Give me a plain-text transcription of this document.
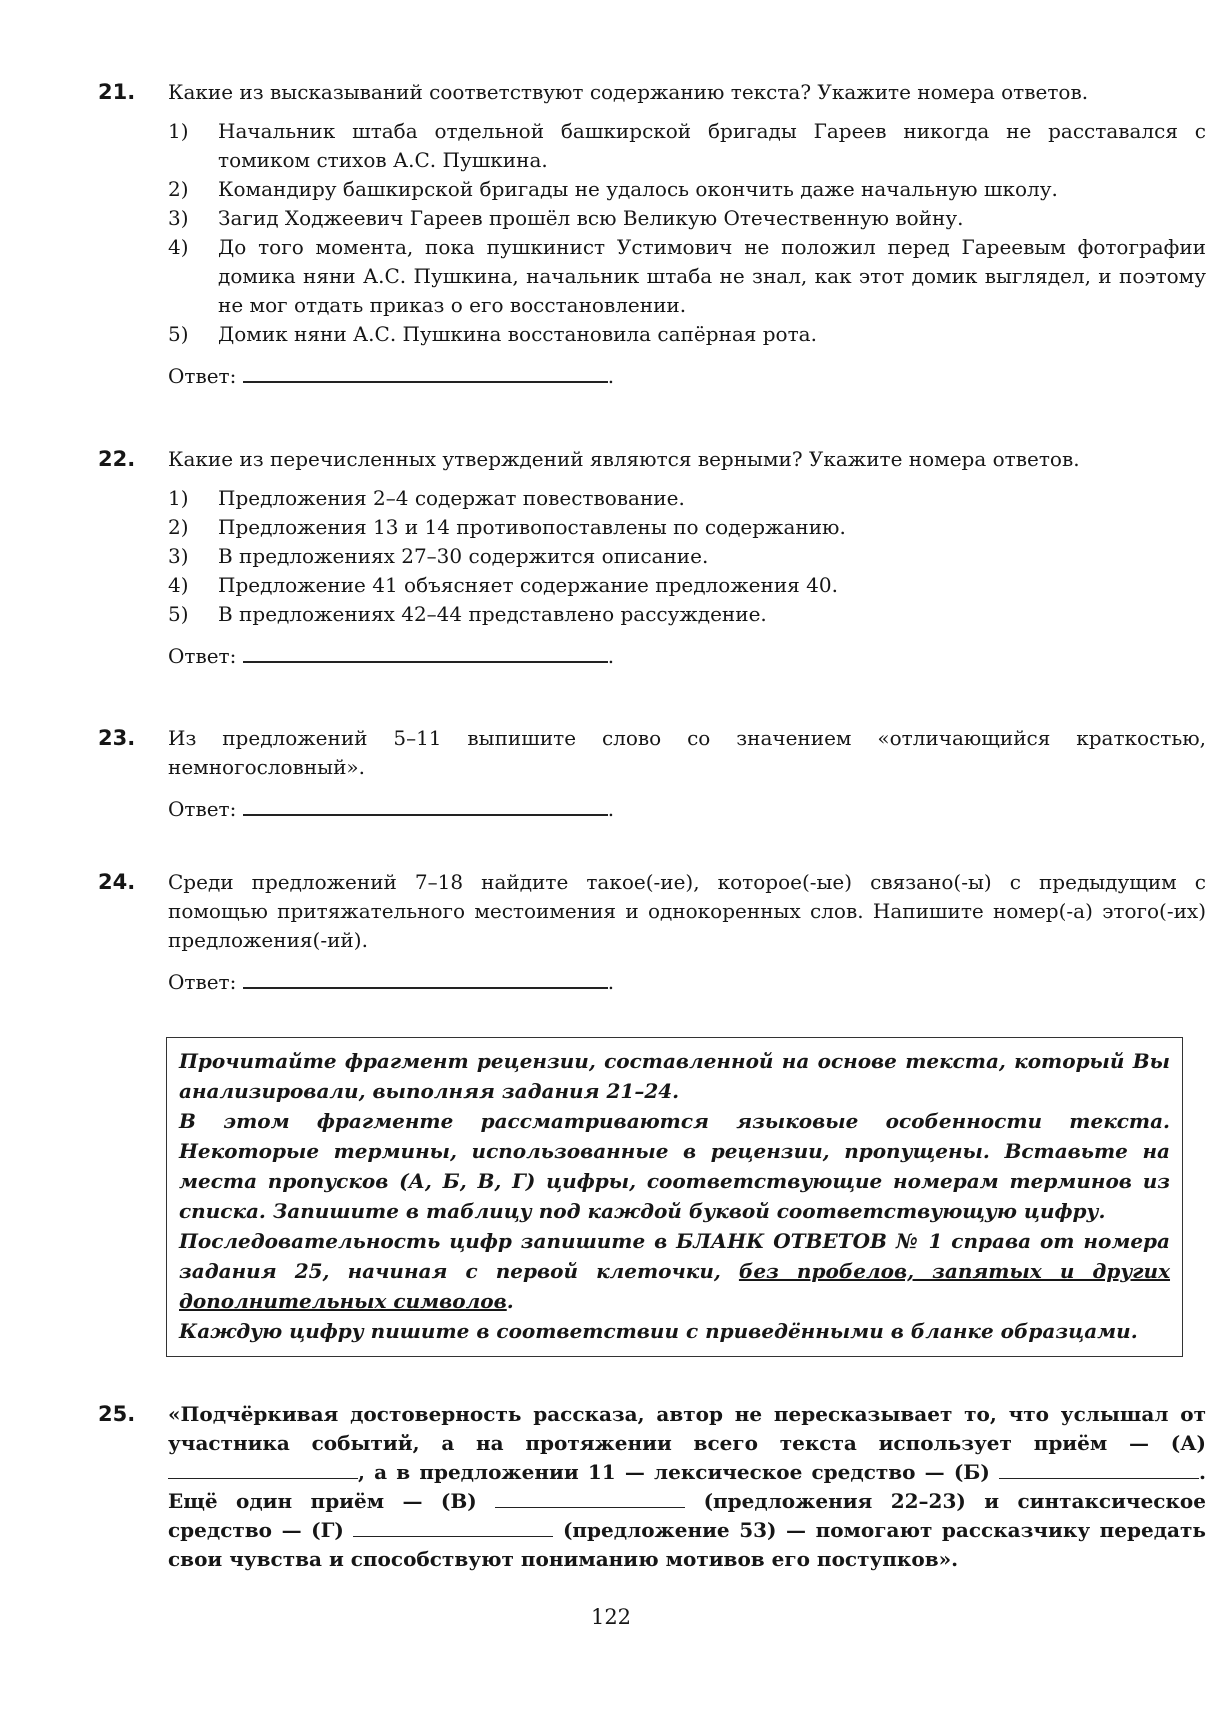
21. Какие из высказываний соответствуют содержанию текста? Укажите номера ответов.
1) Начальник штаба отдельной башкирской бригады Гареев никогда не расставался с томиком стихов А.С. Пушкина.
2) Командиру башкирской бригады не удалось окончить даже начальную школу.
3) Загид Ходжеевич Гареев прошёл всю Великую Отечественную войну.
4) До того момента, пока пушкинист Устимович не положил перед Гареевым фотографии домика няни А.С. Пушкина, начальник штаба не знал, как этот домик выглядел, и поэтому не мог отдать приказ о его восстановлении.
5) Домик няни А.С. Пушкина восстановила сапёрная рота.
Ответ:	.
22. Какие из перечисленных утверждений являются верными? Укажите номера ответов.
1) Предложения 2–4 содержат повествование.
2) Предложения 13 и 14 противопоставлены по содержанию.
3) В предложениях 27–30 содержится описание.
4) Предложение 41 объясняет содержание предложения 40.
5) В предложениях 42–44 представлено рассуждение.
Ответ:	.
23. Из предложений 5–11 выпишите слово со значением «отличающийся краткостью, немногословный».
Ответ:	.
24. Среди предложений 7–18 найдите такое(-ие), которое(-ые) связано(-ы) с предыдущим с помощью притяжательного местоимения и однокоренных слов. Напишите номер(-а) этого(-их) предложения(-ий).
Ответ:	.

Прочитайте фрагмент рецензии, составленной на основе текста, который Вы анализировали, выполняя задания 21–24.

В этом фрагменте рассматриваются языковые особенности текста. Некоторые термины, использованные в рецензии, пропущены. Вставьте на места пропусков (А, Б, В, Г) цифры, соответствующие номерам терминов из списка. Запишите в таблицу под каждой буквой соответствующую цифру.

Последовательность цифр запишите в БЛАНК ОТВЕТОВ № 1 справа от номера задания 25, начиная с первой клеточки, без пробелов, запятых и других дополнительных символов.

Каждую цифру пишите в соответствии с приведёнными в бланке образцами.

25. «Подчёркивая достоверность рассказа, автор не пересказывает то, что услышал от участника событий, а на протяжении всего текста использует приём — (А) , а в предложении 11 — лексическое средство — (Б)	. Ещё один приём — (В)	(предложения 22–23) и синтаксическое средство — (Г)	(предложение 53) — помогают рассказчику передать свои чувства и способствуют пониманию мотивов его поступков».
122
